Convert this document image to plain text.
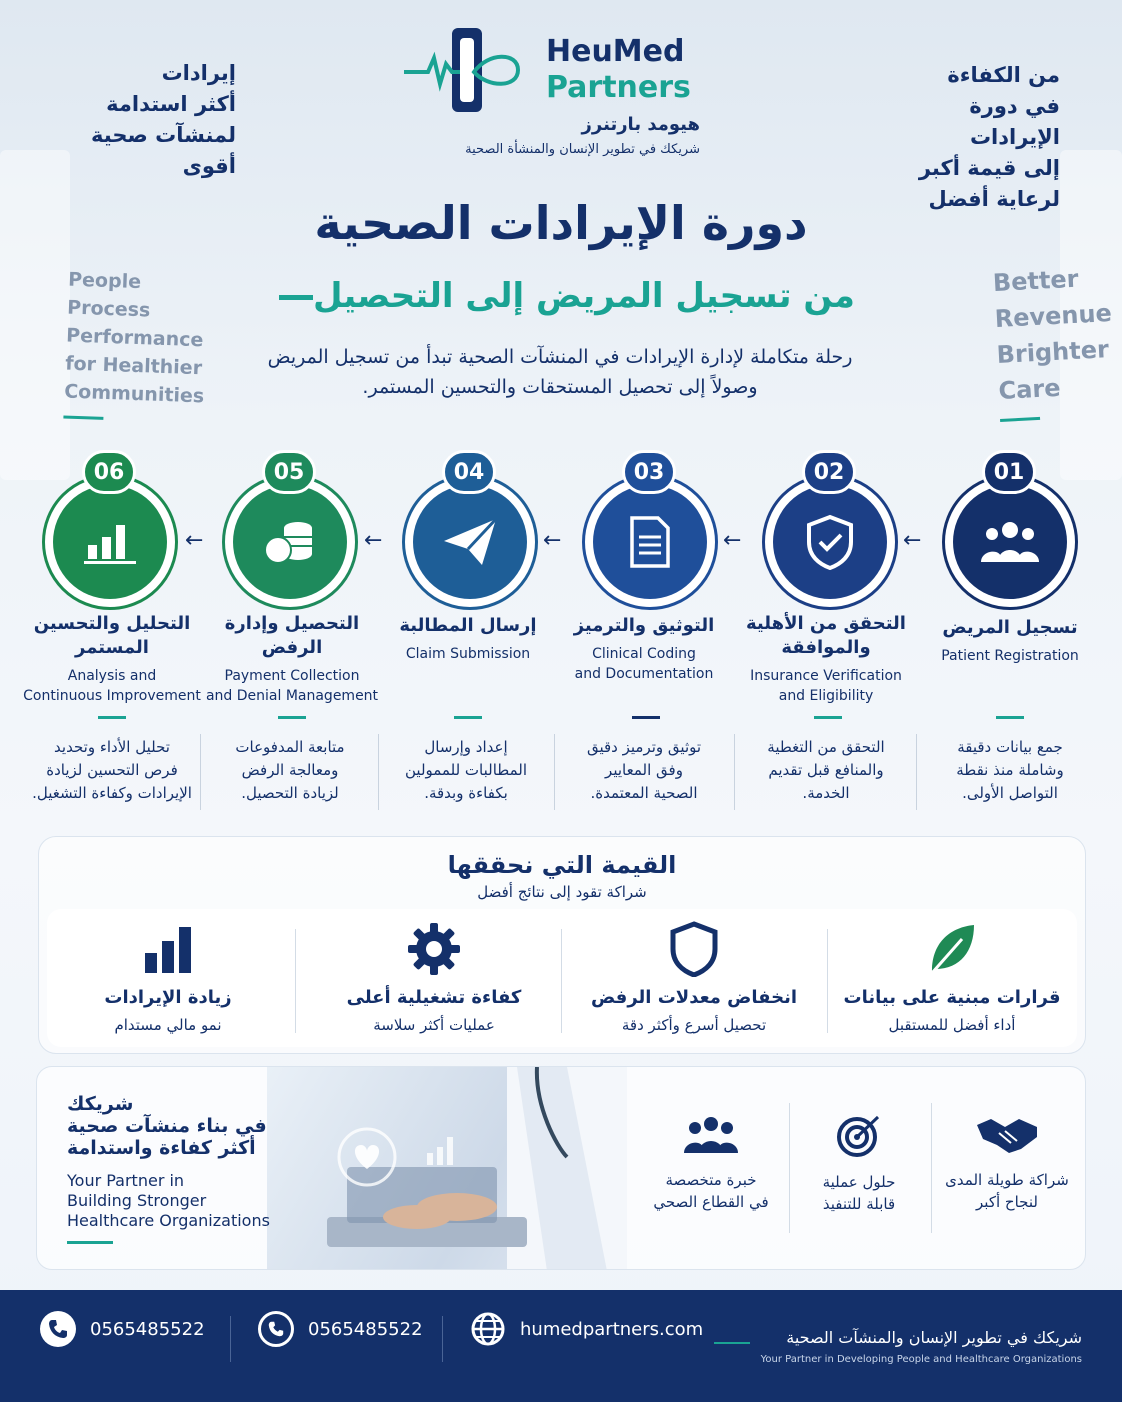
People
Process
Performance
for Healthier
Communities
Better
Revenue
Brighter
Care
إيرادات
أكثر استدامة
لمنشآت صحية
أقوى
من الكفاءة
في دورة الإيرادات
إلى قيمة أكبر
لرعاية أفضل
HeuMed
Partners
هيومد بارتنرز
شريكك في تطوير الإنسان والمنشأة الصحية
دورة الإيرادات الصحية
من تسجيل المريض إلى التحصيل
رحلة متكاملة لإدارة الإيرادات في المنشآت الصحية تبدأ من تسجيل المريض
وصولاً إلى تحصيل المستحقات والتحسين المستمر.
01
02
03
04
05
06
←
←
←
←
←
تسجيل المريض
Patient Registration
التحقق من الأهلية
والموافقة
Insurance Verification
and Eligibility
التوثيق والترميز
Clinical Coding
and Documentation
إرسال المطالبة
Claim Submission
التحصيل وإدارة
الرفض
Payment Collection
and Denial Management
التحليل والتحسين
المستمر
Analysis and
Continuous Improvement
جمع بيانات دقيقة
وشاملة منذ نقطة
التواصل الأولى.
التحقق من التغطية
والمنافع قبل تقديم
الخدمة.
توثيق وترميز دقيق
وفق المعايير
الصحية المعتمدة.
إعداد وإرسال
المطالبات للممولين
بكفاءة وبدقة.
متابعة المدفوعات
ومعالجة الرفض
لزيادة التحصيل.
تحليل الأداء وتحديد
فرص التحسين لزيادة
الإيرادات وكفاءة التشغيل.
القيمة التي نحققها
شراكة تقود إلى نتائج أفضل
قرارات مبنية على بيانات
أداء أفضل للمستقبل
انخفاض معدلات الرفض
تحصيل أسرع وأكثر دقة
كفاءة تشغيلية أعلى
عمليات أكثر سلاسة
زيادة الإيرادات
نمو مالي مستدام
شريكك
في بناء منشآت صحية
أكثر كفاءة واستدامة
Your Partner in
Building Stronger
Healthcare Organizations
شراكة طويلة المدى
لنجاح أكبر
حلول عملية
قابلة للتنفيذ
خبرة متخصصة
في القطاع الصحي
0565485522	0565485522	humedpartners.com	شريكك في تطوير الإنسان والمنشآت الصحية
Your Partner in Developing People and Healthcare Organizations
